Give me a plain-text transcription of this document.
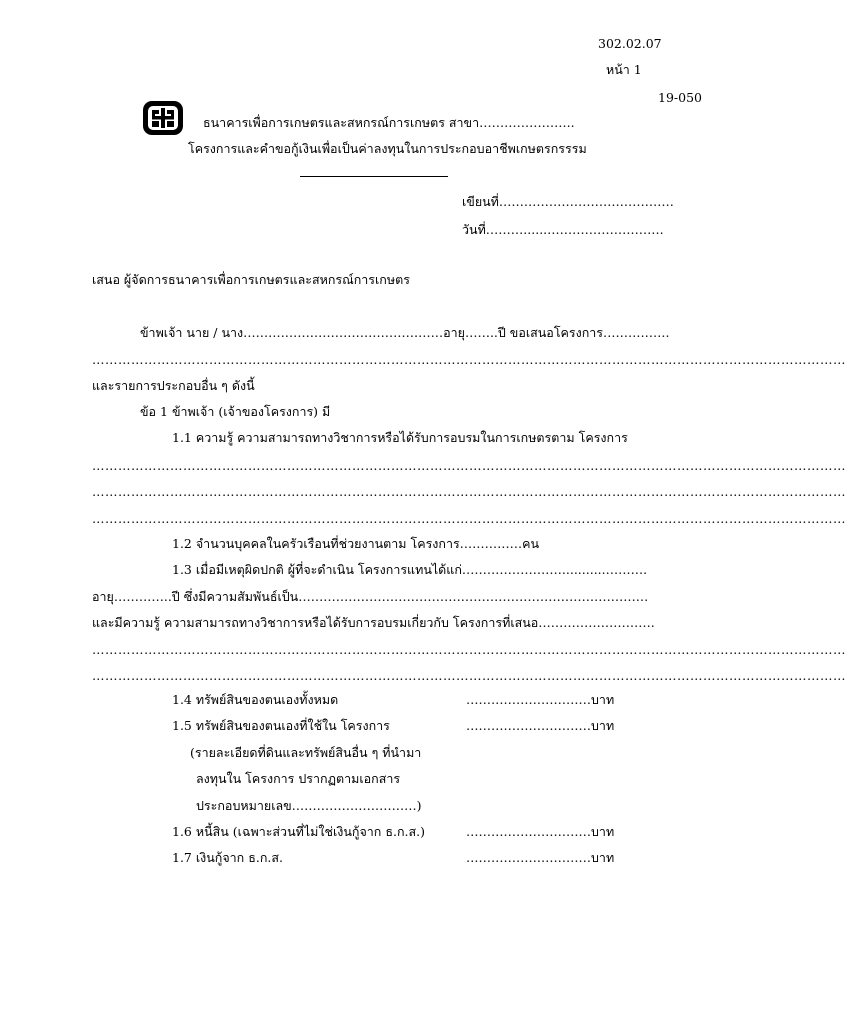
302.02.07
หน้า 1
19-050
ธนาคารเพื่อการเกษตรและสหกรณ์การเกษตร สาขา…………………..
โครงการและคำขอกู้เงินเพื่อเป็นค่าลงทุนในการประกอบอาชีพเกษตรกรรรม
เขียนที่……………………………………
วันที่………......……………………….
เสนอ ผู้จัดการธนาคารเพื่อการเกษตรและสหกรณ์การเกษตร
ข้าพเจ้า นาย / นาง…………………………………………อายุ……..ปี ขอเสนอโครงการ…………….
…………………………………………………………………………………………………………………………………………………………
และรายการประกอบอื่น ๆ ดังนี้
ข้อ 1 ข้าพเจ้า (เจ้าของโครงการ) มี
1.1 ความรู้ ความสามารถทางวิชาการหรือได้รับการอบรมในการเกษตรตาม โครงการ
…………………………………………………………………………………………………………………………………………………………
…………………………………………………………………………………………………………………………………………………………
…………………………………………………………………………………………………………………………………………………………
1.2 จำนวนบุคคลในครัวเรือนที่ช่วยงานตาม โครงการ……………คน
1.3 เมื่อมีเหตุผิดปกติ ผู้ที่จะดำเนิน โครงการแทนได้แก่……………………...........……….
อายุ…………..ปี ซึ่งมีความสัมพันธ์เป็น…………………………………………………………………………
และมีความรู้ ความสามารถทางวิชาการหรือได้รับการอบรมเกี่ยวกับ โครงการที่เสนอ……………………….
…………………………………………………………………………………………………………………………………………………………
…………………………………………………………………………………………………………………………………………………………
1.4 ทรัพย์สินของตนเองทั้งหมด	…………………………บาท
1.5 ทรัพย์สินของตนเองที่ใช้ใน โครงการ	…………………………บาท
(รายละเอียดที่ดินและทรัพย์สินอื่น ๆ ที่นำมา
ลงทุนใน โครงการ ปรากฏตามเอกสาร
ประกอบหมายเลข…………………………)
1.6 หนี้สิน (เฉพาะส่วนที่ไม่ใช่เงินกู้จาก ธ.ก.ส.)	…………………………บาท
1.7 เงินกู้จาก ธ.ก.ส.	…………………………บาท
